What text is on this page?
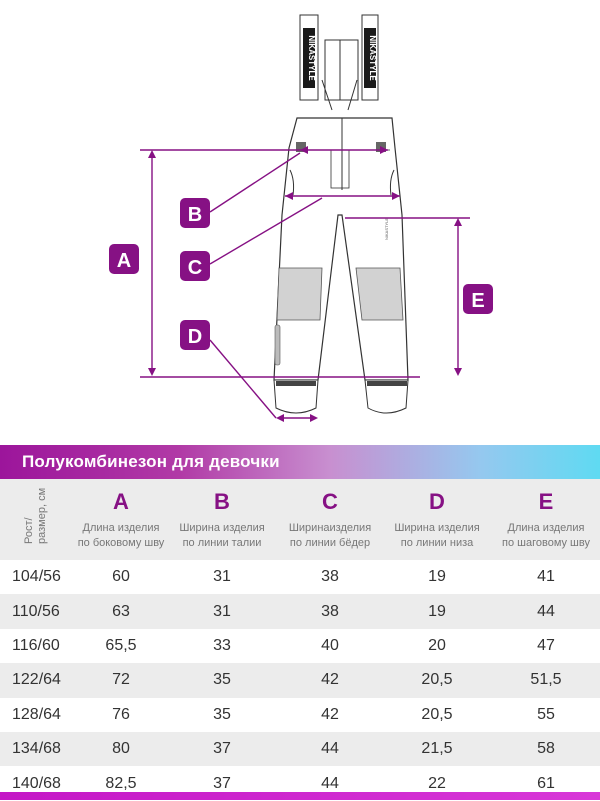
NIKASTYLE	NIKASTYLE
NIKASTYLE
A
B
C
D
E
Полукомбинезон для девочки
Рост/
размер, см	A
Длина изделия
по боковому шву

B
Ширина изделия
по линии талии

C
Ширинаизделия
по линии бёдер

D
Ширина изделия
по линии низа

E
Длина изделия
по шаговому шву
104/56	60	31	38	19	41
110/56	63	31	38	19	44
116/60	65,5	33	40	20	47
122/64	72	35	42	20,5	51,5
128/64	76	35	42	20,5	55
134/68	80	37	44	21,5	58
140/68	82,5	37	44	22	61
